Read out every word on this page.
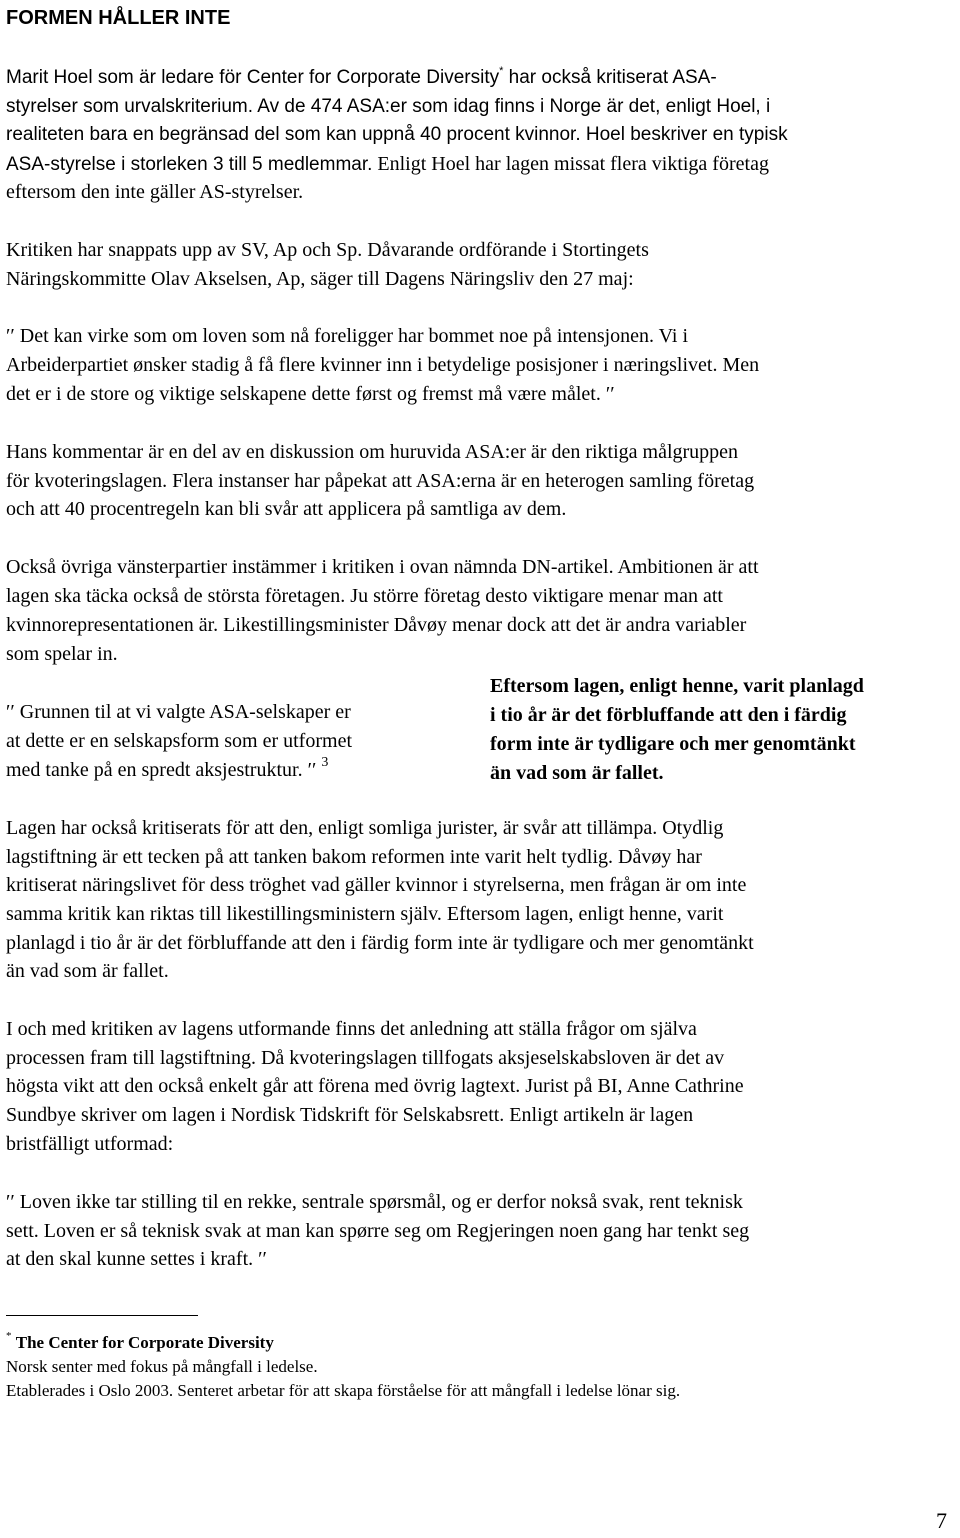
FORMEN HÅLLER INTE
Marit Hoel som är ledare för Center for Corporate Diversity* har också kritiserat ASA-
styrelser som urvalskriterium. Av de 474 ASA:er som idag finns i Norge är det, enligt Hoel, i
realiteten bara en begränsad del som kan uppnå 40 procent kvinnor. Hoel beskriver en typisk
ASA-styrelse i storleken 3 till 5 medlemmar. Enligt Hoel har lagen missat flera viktiga företag
eftersom den inte gäller AS-styrelser.
Kritiken har snappats upp av SV, Ap och Sp. Dåvarande ordförande i Stortingets
Näringskommitte Olav Akselsen, Ap, säger till Dagens Näringsliv den 27 maj:
′′ Det kan virke som om loven som nå foreligger har bommet noe på intensjonen. Vi i
Arbeiderpartiet ønsker stadig å få flere kvinner inn i betydelige posisjoner i næringslivet. Men
det er i de store og viktige selskapene dette først og fremst må være målet. ′′
Hans kommentar är en del av en diskussion om huruvida ASA:er är den riktiga målgruppen
för kvoteringslagen. Flera instanser har påpekat att ASA:erna är en heterogen samling företag
och att 40 procentregeln kan bli svår att applicera på samtliga av dem.
Också övriga vänsterpartier instämmer i kritiken i ovan nämnda DN-artikel. Ambitionen är att
lagen ska täcka också de största företagen. Ju större företag desto viktigare menar man att
kvinnorepresentationen är. Likestillingsminister Dåvøy menar dock att det är andra variabler
som spelar in.
′′ Grunnen til at vi valgte ASA-selskaper er
at dette er en selskapsform som er utformet
med tanke på en spredt aksjestruktur. ′′ $^3$
Eftersom lagen, enligt henne, varit planlagd
i tio år är det förbluffande att den i färdig
form inte är tydligare och mer genomtänkt
än vad som är fallet.
Lagen har också kritiserats för att den, enligt somliga jurister, är svår att tillämpa. Otydlig
lagstiftning är ett tecken på att tanken bakom reformen inte varit helt tydlig. Dåvøy har
kritiserat näringslivet för dess tröghet vad gäller kvinnor i styrelserna, men frågan är om inte
samma kritik kan riktas till likestillingsministern själv. Eftersom lagen, enligt henne, varit
planlagd i tio år är det förbluffande att den i färdig form inte är tydligare och mer genomtänkt
än vad som är fallet.
I och med kritiken av lagens utformande finns det anledning att ställa frågor om själva
processen fram till lagstiftning. Då kvoteringslagen tillfogats aksjeselskabsloven är det av
högsta vikt att den också enkelt går att förena med övrig lagtext. Jurist på BI, Anne Cathrine
Sundbye skriver om lagen i Nordisk Tidskrift för Selskabsrett. Enligt artikeln är lagen
bristfälligt utformad:
′′ Loven ikke tar stilling til en rekke, sentrale spørsmål, og er derfor nokså svak, rent teknisk
sett. Loven er så teknisk svak at man kan spørre seg om Regjeringen noen gang har tenkt seg
at den skal kunne settes i kraft. ′′
* The Center for Corporate Diversity
Norsk senter med fokus på mångfall i ledelse.
Etablerades i Oslo 2003. Senteret arbetar för att skapa förståelse för att mångfall i ledelse lönar sig.
7
